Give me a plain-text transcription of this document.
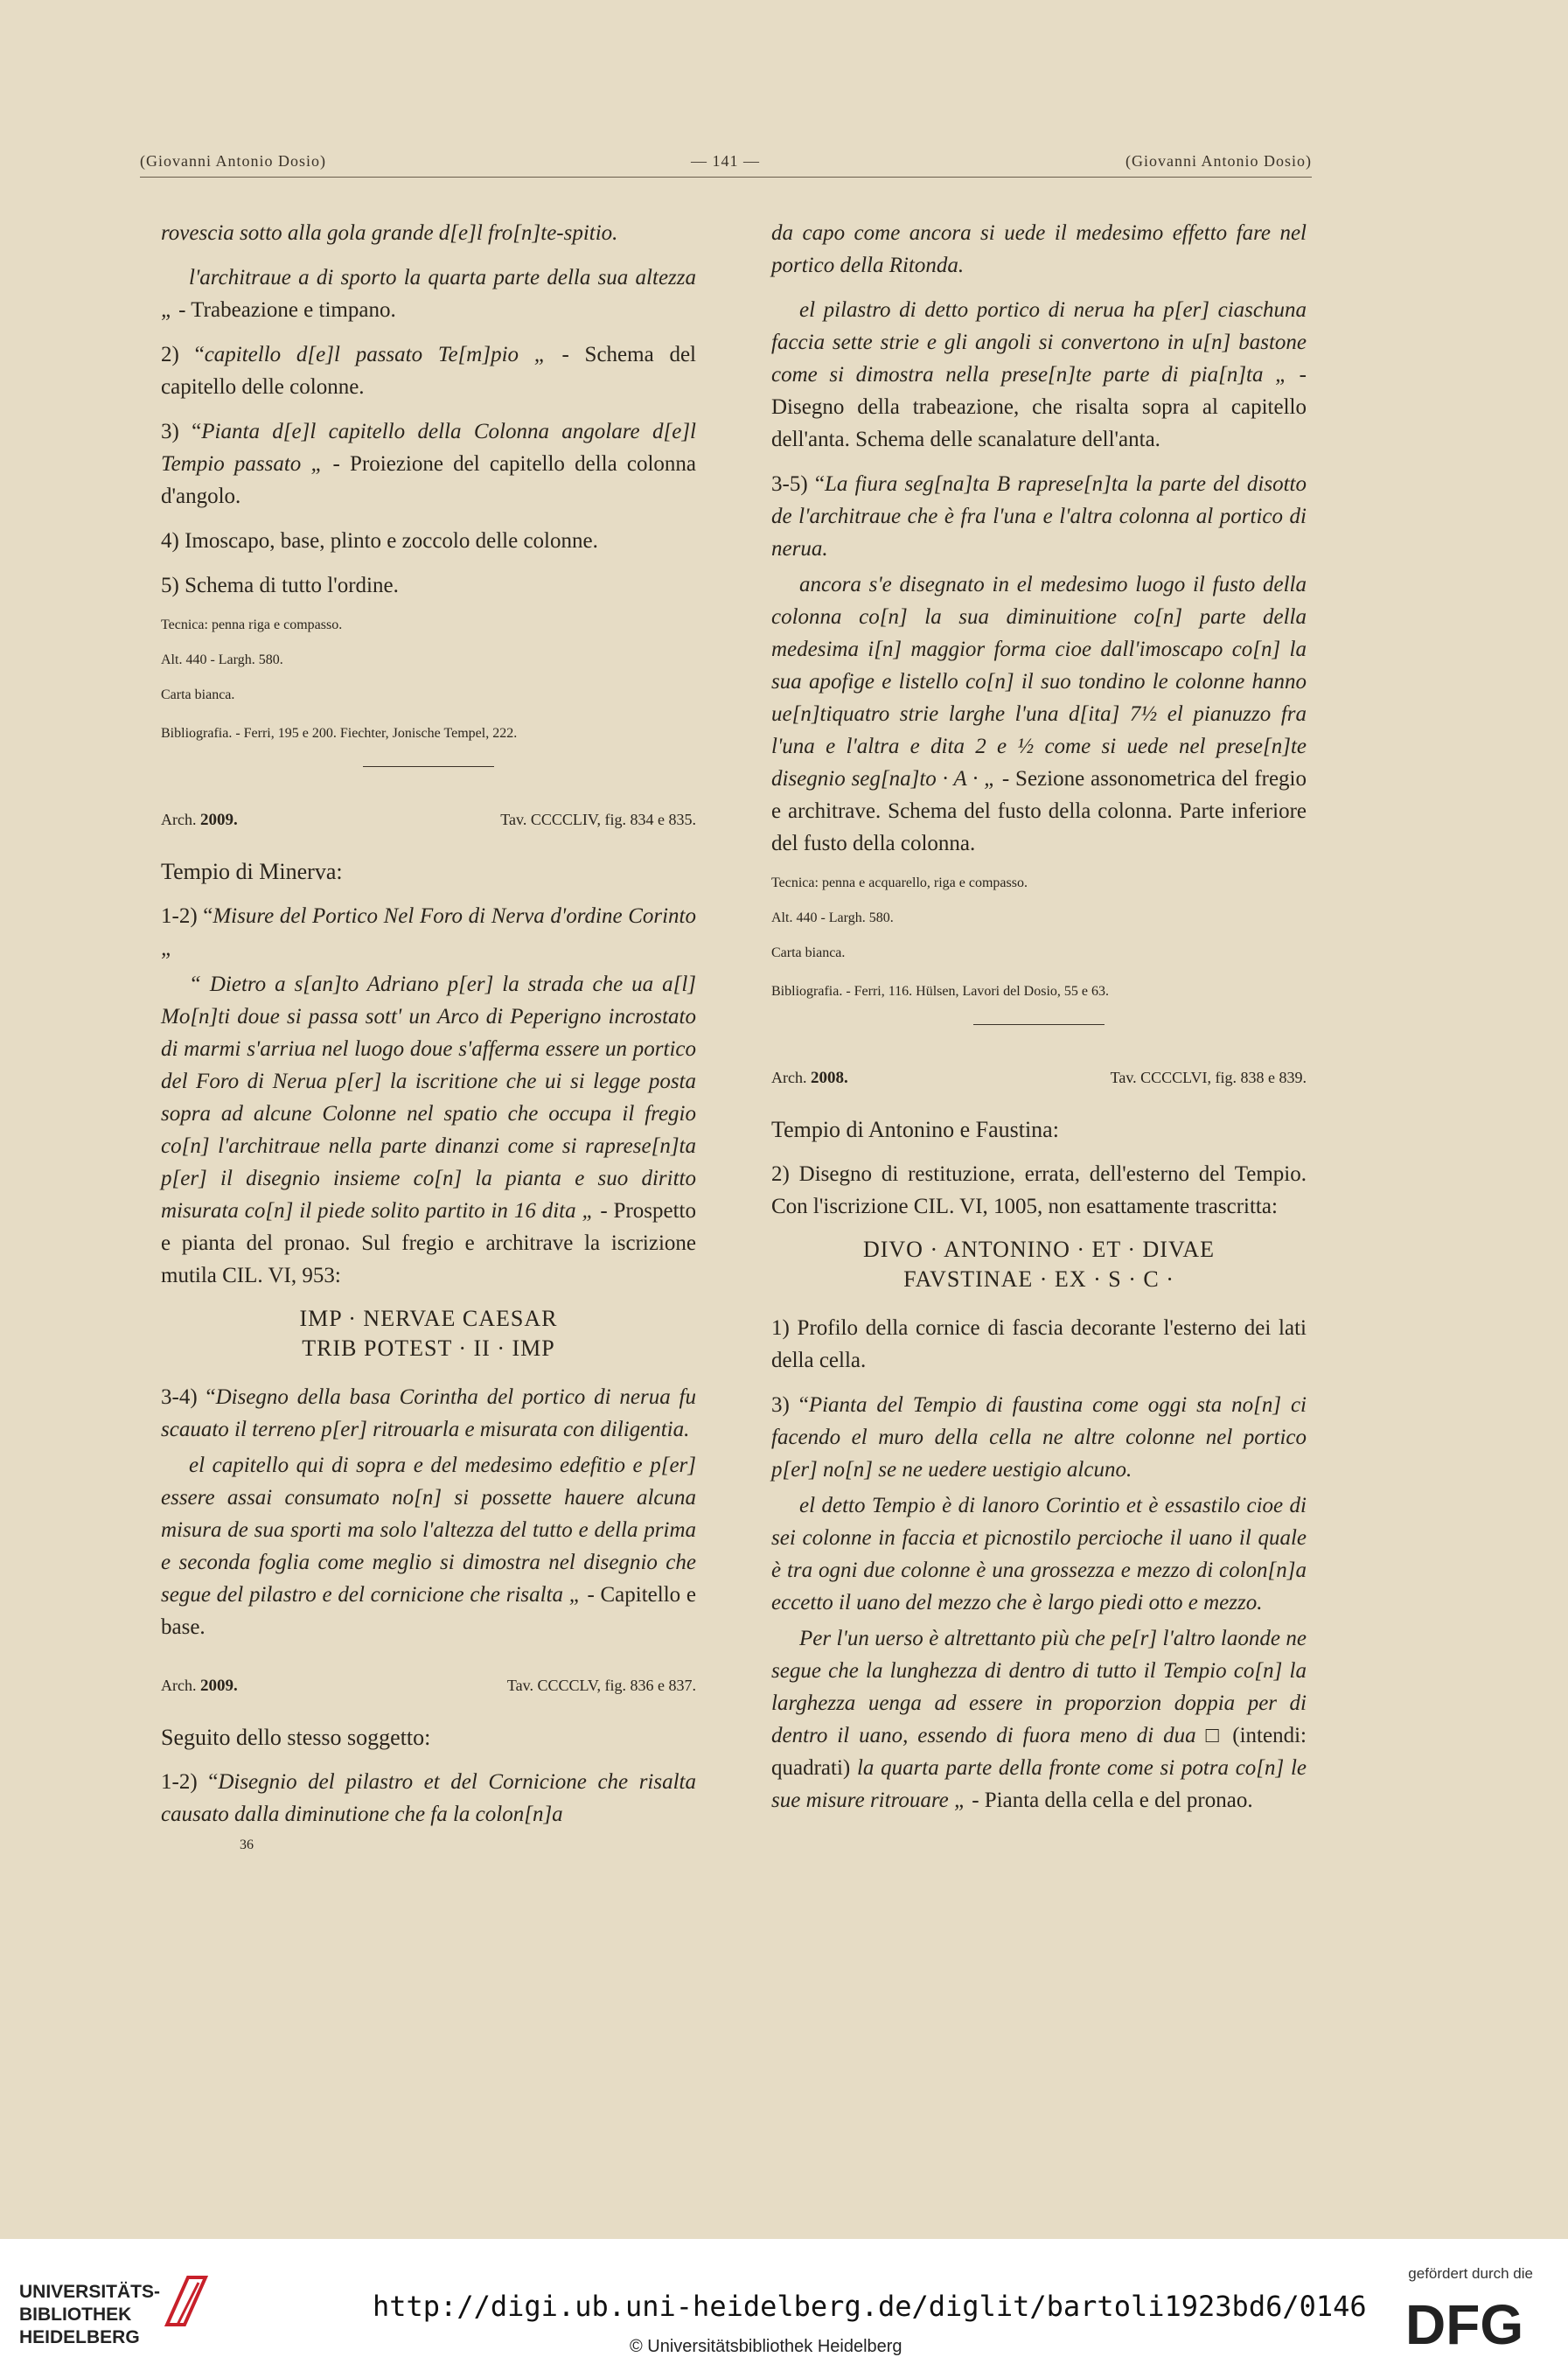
(Giovanni Antonio Dosio)	— 141 —	(Giovanni Antonio Dosio)

rovescia sotto alla gola grande d[e]l fro[n]te-spitio.

l'architraue a di sporto la quarta parte della sua altezza „ - Trabeazione e timpano.

2) “capitello d[e]l passato Te[m]pio „ - Schema del capitello delle colonne.

3) “Pianta d[e]l capitello della Colonna angolare d[e]l Tempio passato „ - Proiezione del capitello della colonna d'angolo.

4) Imoscapo, base, plinto e zoccolo delle colonne.

5) Schema di tutto l'ordine.

Tecnica: penna riga e compasso.

Alt. 440 - Largh. 580.

Carta bianca.

Bibliografia. - Ferri, 195 e 200. Fiechter, Jonische Tempel, 222.

Arch. 2009.	Tav. CCCCLIV, fig. 834 e 835.

Tempio di Minerva:

1-2) “Misure del Portico Nel Foro di Nerva d'ordine Corinto „

“ Dietro a s[an]to Adriano p[er] la strada che ua a[l] Mo[n]ti doue si passa sott' un Arco di Peperigno incrostato di marmi s'arriua nel luogo doue s'afferma essere un portico del Foro di Nerua p[er] la iscritione che ui si legge posta sopra ad alcune Colonne nel spatio che occupa il fregio co[n] l'architraue nella parte dinanzi come si raprese[n]ta p[er] il disegnio insieme co[n] la pianta e suo diritto misurata co[n] il piede solito partito in 16 dita „ - Prospetto e pianta del pronao. Sul fregio e architrave la iscrizione mutila CIL. VI, 953:

IMP · NERVAE CAESAR
TRIB POTEST · II · IMP

3-4) “Disegno della basa Corintha del portico di nerua fu scauato il terreno p[er] ritrouarla e misurata con diligentia.

el capitello qui di sopra e del medesimo edefitio e p[er] essere assai consumato no[n] si possette hauere alcuna misura de sua sporti ma solo l'altezza del tutto e della prima e seconda foglia come meglio si dimostra nel disegnio che segue del pilastro e del cornicione che risalta „ - Capitello e base.

Arch. 2009.	Tav. CCCCLV, fig. 836 e 837.

Seguito dello stesso soggetto:

1-2) “Disegnio del pilastro et del Cornicione che risalta causato dalla diminutione che fa la colon[n]a

36

da capo come ancora si uede il medesimo effetto fare nel portico della Ritonda.

el pilastro di detto portico di nerua ha p[er] ciaschuna faccia sette strie e gli angoli si convertono in u[n] bastone come si dimostra nella prese[n]te parte di pia[n]ta „ - Disegno della trabeazione, che risalta sopra al capitello dell'anta. Schema delle scanalature dell'anta.

3-5) “La fiura seg[na]ta B raprese[n]ta la parte del disotto de l'architraue che è fra l'una e l'altra colonna al portico di nerua.

ancora s'e disegnato in el medesimo luogo il fusto della colonna co[n] la sua diminuitione co[n] parte della medesima i[n] maggior forma cioe dall'imoscapo co[n] la sua apofige e listello co[n] il suo tondino le colonne hanno ue[n]tiquatro strie larghe l'una d[ita] 7½ el pianuzzo fra l'una e l'altra e dita 2 e ½ come si uede nel prese[n]te disegnio seg[na]to · A · „ - Sezione assonometrica del fregio e architrave. Schema del fusto della colonna. Parte inferiore del fusto della colonna.

Tecnica: penna e acquarello, riga e compasso.

Alt. 440 - Largh. 580.

Carta bianca.

Bibliografia. - Ferri, 116. Hülsen, Lavori del Dosio, 55 e 63.

Arch. 2008.	Tav. CCCCLVI, fig. 838 e 839.

Tempio di Antonino e Faustina:

2) Disegno di restituzione, errata, dell'esterno del Tempio. Con l'iscrizione CIL. VI, 1005, non esattamente trascritta:

DIVO · ANTONINO · ET · DIVAE
FAVSTINAE · EX · S · C ·

1) Profilo della cornice di fascia decorante l'esterno dei lati della cella.

3) “Pianta del Tempio di faustina come oggi sta no[n] ci facendo el muro della cella ne altre colonne nel portico p[er] no[n] se ne uedere uestigio alcuno.

el detto Tempio è di lanoro Corintio et è essastilo cioe di sei colonne in faccia et picnostilo percioche il uano il quale è tra ogni due colonne è una grossezza e mezzo di colon[n]a eccetto il uano del mezzo che è largo piedi otto e mezzo.

Per l'un uerso è altrettanto più che pe[r] l'altro laonde ne segue che la lunghezza di dentro di tutto il Tempio co[n] la larghezza uenga ad essere in proporzion doppia per di dentro il uano, essendo di fuora meno di dua □ (intendi: quadrati) la quarta parte della fronte come si potra co[n] le sue misure ritrouare „ - Pianta della cella e del pronao.

UNIVERSITÄTS-
BIBLIOTHEK
HEIDELBERG
http://digi.ub.uni-heidelberg.de/diglit/bartoli1923bd6/0146
© Universitätsbibliothek Heidelberg
gefördert durch die
DFG
